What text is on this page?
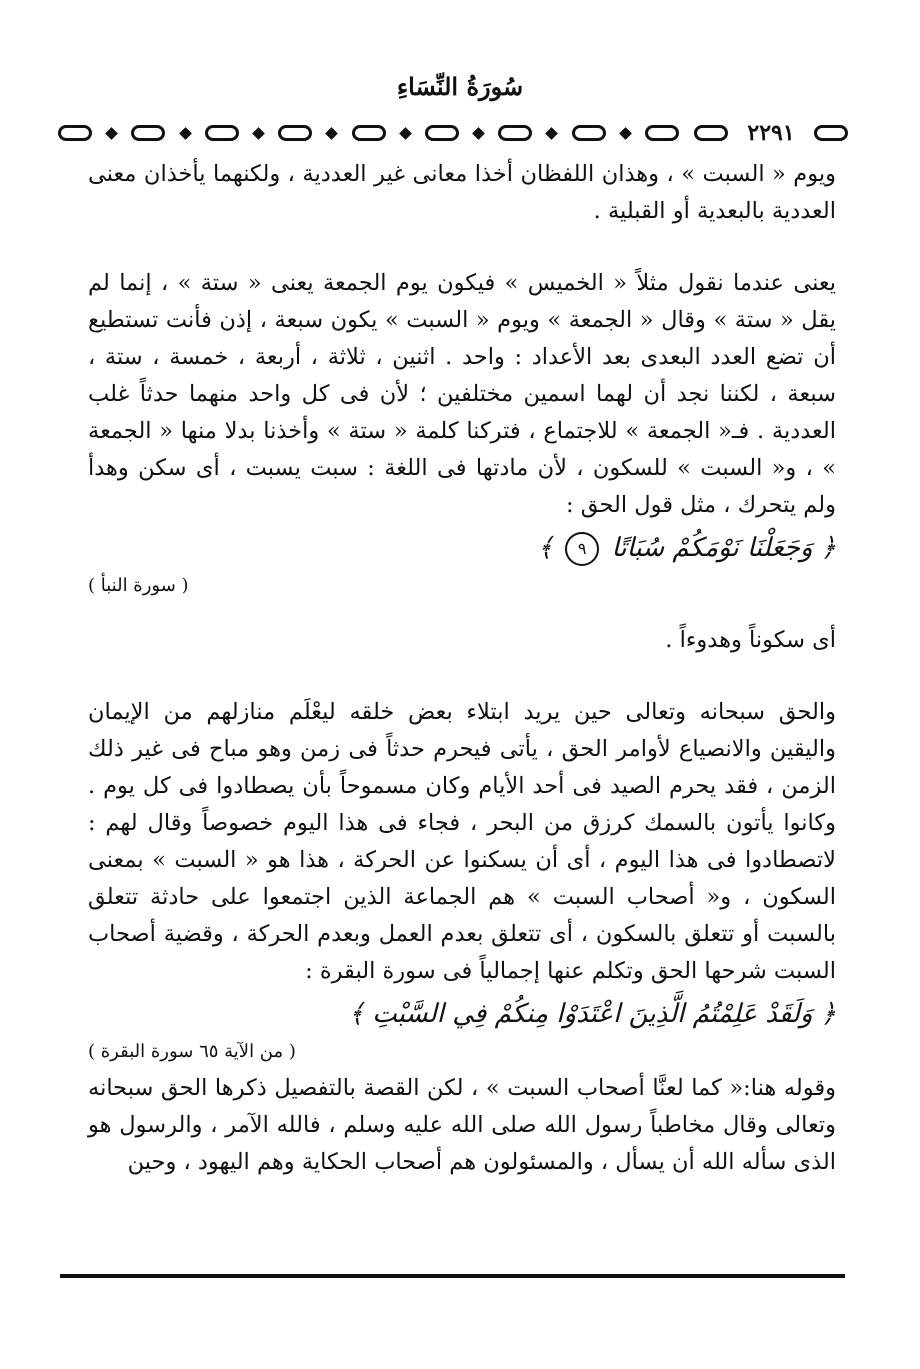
سُورَةُ النِّسَاءِ
٢٢٩١

ويوم « السبت » ، وهذان اللفظان أخذا معانى غير العددية ، ولكنهما يأخذان معنى العددية بالبعدية أو القبلية .

يعنى عندما نقول مثلاً « الخميس » فيكون يوم الجمعة يعنى « ستة » ، إنما لم يقل « ستة » وقال « الجمعة » ويوم « السبت » يكون سبعة ، إذن فأنت تستطيع أن تضع العدد البعدى بعد الأعداد : واحد . اثنين ، ثلاثة ، أربعة ، خمسة ، ستة ، سبعة ، لكننا نجد أن لهما اسمين مختلفين ؛ لأن فى كل واحد منهما حدثاً غلب العددية . فـ« الجمعة » للاجتماع ، فتركنا كلمة « ستة » وأخذنا بدلا منها « الجمعة » ، و« السبت » للسكون ، لأن مادتها فى اللغة : سبت يسبت ، أى سكن وهدأ ولم يتحرك ، مثل قول الحق :

﴿ وَجَعَلْنَا نَوْمَكُمْ سُبَاتًا ٩ ﴾

( سورة النبأ )

أى سكوناً وهدوءاً .

والحق سبحانه وتعالى حين يريد ابتلاء بعض خلقه ليعْلَم منازلهم من الإيمان واليقين والانصياع لأوامر الحق ، يأتى فيحرم حدثاً فى زمن وهو مباح فى غير ذلك الزمن ، فقد يحرم الصيد فى أحد الأيام وكان مسموحاً بأن يصطادوا فى كل يوم . وكانوا يأتون بالسمك كرزق من البحر ، فجاء فى هذا اليوم خصوصاً وقال لهم : لاتصطادوا فى هذا اليوم ، أى أن يسكنوا عن الحركة ، هذا هو « السبت » بمعنى السكون ، و« أصحاب السبت » هم الجماعة الذين اجتمعوا على حادثة تتعلق بالسبت أو تتعلق بالسكون ، أى تتعلق بعدم العمل وبعدم الحركة ، وقضية أصحاب السبت شرحها الحق وتكلم عنها إجمالياً فى سورة البقرة :

﴿ وَلَقَدْ عَلِمْتُمُ الَّذِينَ اعْتَدَوْا مِنكُمْ فِي السَّبْتِ ﴾

( من الآية ٦٥ سورة البقرة )

وقوله هنا:« كما لعنَّا أصحاب السبت » ، لكن القصة بالتفصيل ذكرها الحق سبحانه وتعالى وقال مخاطباً رسول الله صلى الله عليه وسلم ، فالله الآمر ، والرسول هو الذى سأله الله أن يسأل ، والمسئولون هم أصحاب الحكاية وهم اليهود ، وحين
